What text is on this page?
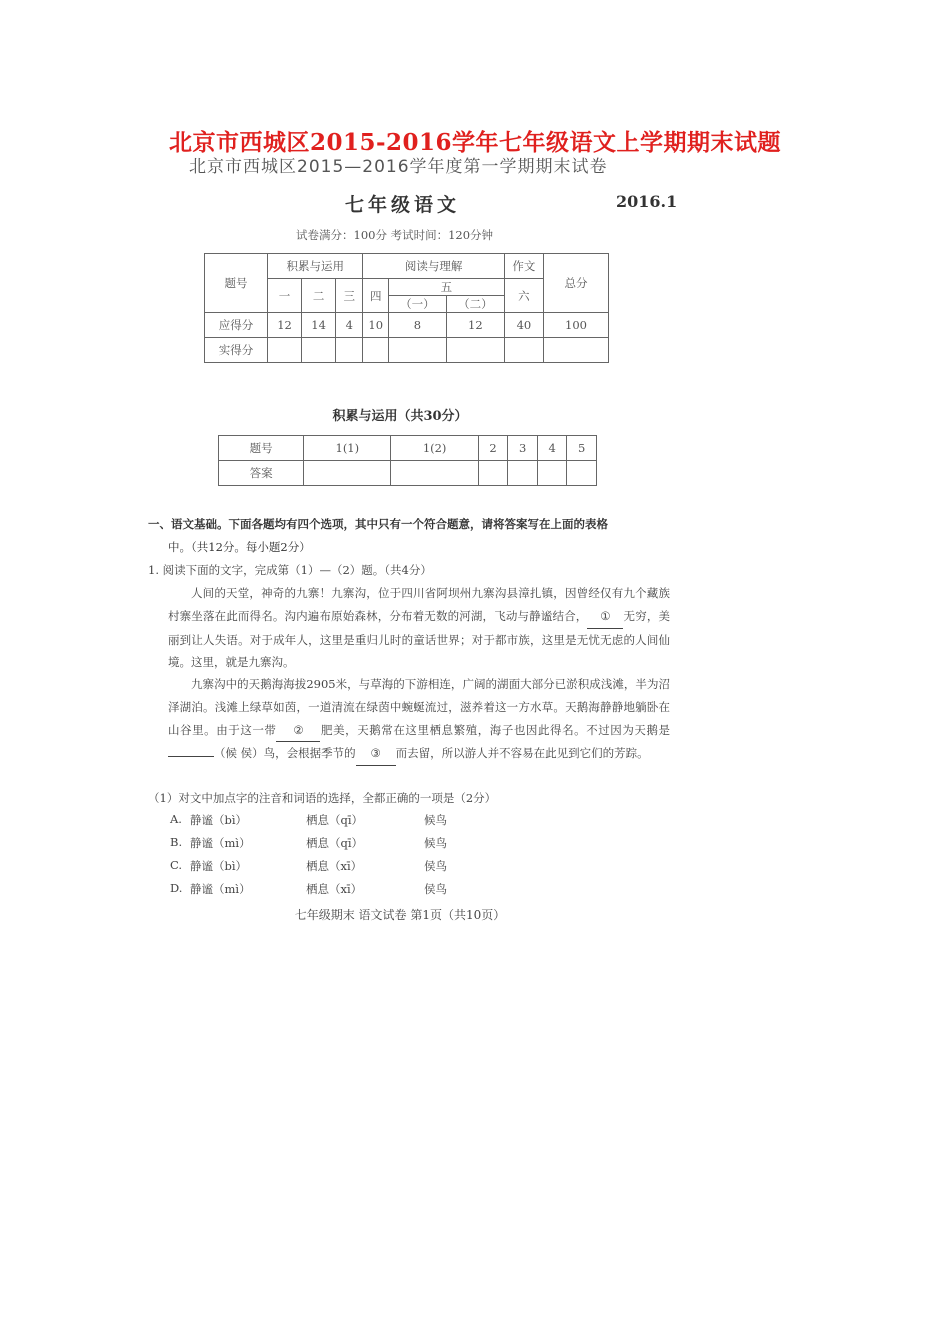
北京市西城区2015-2016学年七年级语文上学期期末试题
北京市西城区2015—2016学年度第一学期期末试卷
七年级语文	2016.1
试卷满分：100分 考试时间：120分钟
题号	积累与运用			阅读与理解			作文	总分
	一	二	三	四	五		六	
					（一）	（二）		
应得分	12	14	4	10	8	12	40	100
实得分								
积累与运用（共30分）
题号	1(1)	1(2)	2	3	4	5
答案						
一、语文基础。下面各题均有四个选项，其中只有一个符合题意，请将答案写在上面的表格
中。（共12分。每小题2分）
1. 阅读下面的文字，完成第（1）—（2）题。（共4分）
人间的天堂，神奇的九寨！九寨沟，位于四川省阿坝州九寨沟县漳扎镇，因曾经仅有九个藏族村寨坐落在此而得名。沟内遍布原始森林，分布着无数的河湖，飞动与静谧结合， ① 无穷，美丽到让人失语。对于成年人，这里是重归儿时的童话世界；对于都市族，这里是无忧无虑的人间仙境。这里，就是九寨沟。
九寨沟中的天鹅海海拔2905米，与草海的下游相连，广阔的湖面大部分已淤积成浅滩，半为沼泽湖泊。浅滩上绿草如茵，一道清流在绿茵中蜿蜒流过，滋养着这一方水草。天鹅海静静地躺卧在山谷里。由于这一带 ② 肥美，天鹅常在这里栖息繁殖，海子也因此得名。不过因为天鹅是（候 侯）鸟，会根据季节的 ③ 而去留，所以游人并不容易在此见到它们的芳踪。
（1）对文中加点字的注音和词语的选择，全都正确的一项是（2分）
A. 静谧（bì）	栖息（qī）	候鸟
B. 静谧（mì）	栖息（qī）	候鸟
C. 静谧（bì）	栖息（xī）	侯鸟
D. 静谧（mì）	栖息（xī）	侯鸟
七年级期末 语文试卷 第1页（共10页）
